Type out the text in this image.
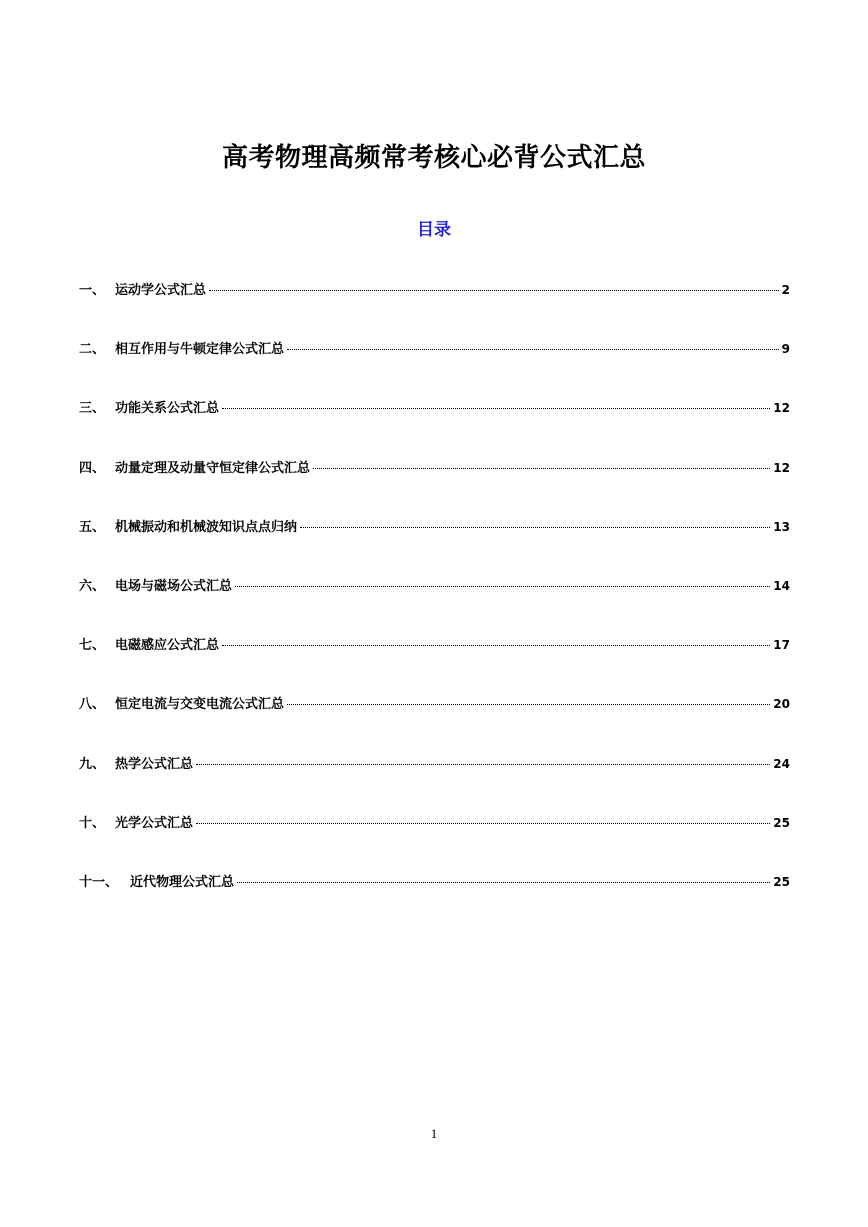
高考物理高频常考核心必背公式汇总
目录
一、 运动学公式汇总	2
二、 相互作用与牛顿定律公式汇总	9
三、 功能关系公式汇总	12
四、 动量定理及动量守恒定律公式汇总	12
五、 机械振动和机械波知识点点归纳	13
六、 电场与磁场公式汇总	14
七、 电磁感应公式汇总	17
八、 恒定电流与交变电流公式汇总	20
九、 热学公式汇总	24
十、 光学公式汇总	25
十一、 近代物理公式汇总	25
1
